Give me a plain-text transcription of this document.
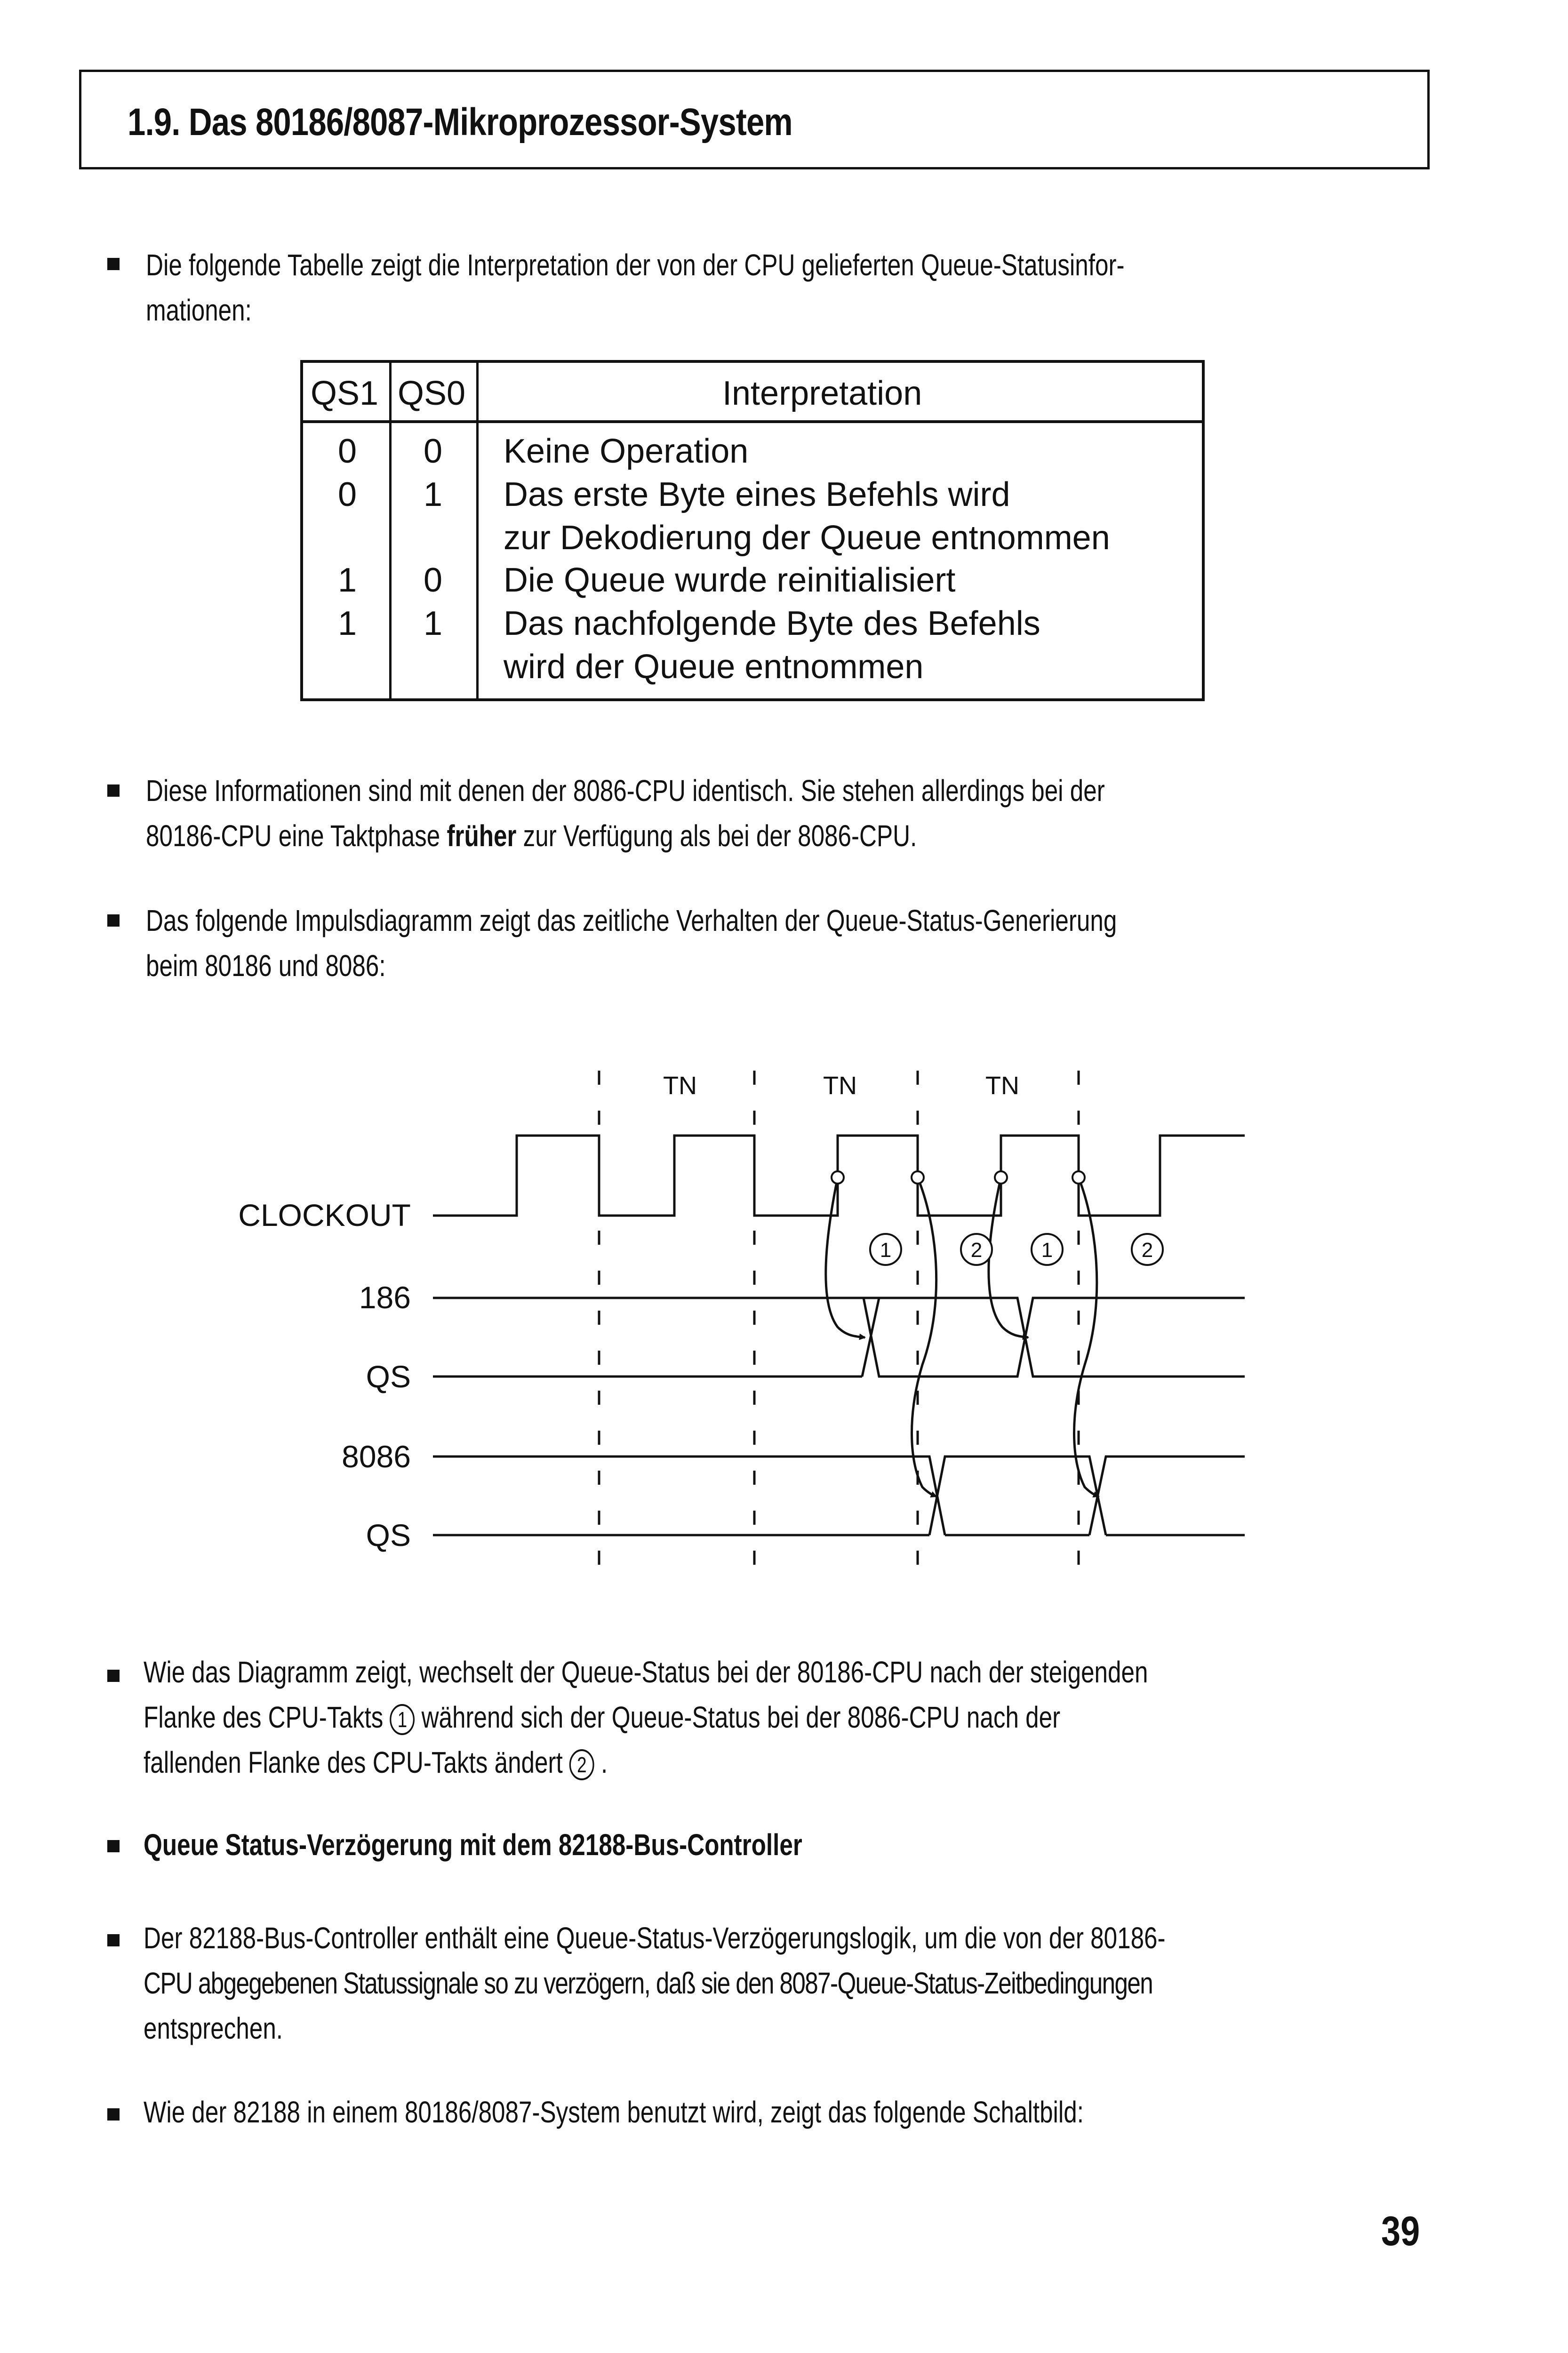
1.9. Das 80186/8087-Mikroprozessor-System
Die folgende Tabelle zeigt die Interpretation der von der CPU gelieferten Queue-Statusinfor-
mationen:
QS1 QS0	Interpretation
0 0 Keine Operation
0 1 Das erste Byte eines Befehls wird
zur Dekodierung der Queue entnommen
1 0 Die Queue wurde reinitialisiert
1 1 Das nachfolgende Byte des Befehls
wird der Queue entnommen
Diese Informationen sind mit denen der 8086-CPU identisch. Sie stehen allerdings bei der
80186-CPU eine Taktphase früher zur Verfügung als bei der 8086-CPU.
Das folgende Impulsdiagramm zeigt das zeitliche Verhalten der Queue-Status-Generierung
beim 80186 und 8086:
1	2	1	2
TN	TN	TN
CLOCKOUT
186
QS
8086
QS
Wie das Diagramm zeigt, wechselt der Queue-Status bei der 80186-CPU nach der steigenden
Flanke des CPU-Takts 1 während sich der Queue-Status bei der 8086-CPU nach der
fallenden Flanke des CPU-Takts ändert 2 .
Queue Status-Verzögerung mit dem 82188-Bus-Controller
Der 82188-Bus-Controller enthält eine Queue-Status-Verzögerungslogik, um die von der 80186-
CPU abgegebenen Statussignale so zu verzögern, daß sie den 8087-Queue-Status-Zeitbedingungen
entsprechen.
Wie der 82188 in einem 80186/8087-System benutzt wird, zeigt das folgende Schaltbild:
39
